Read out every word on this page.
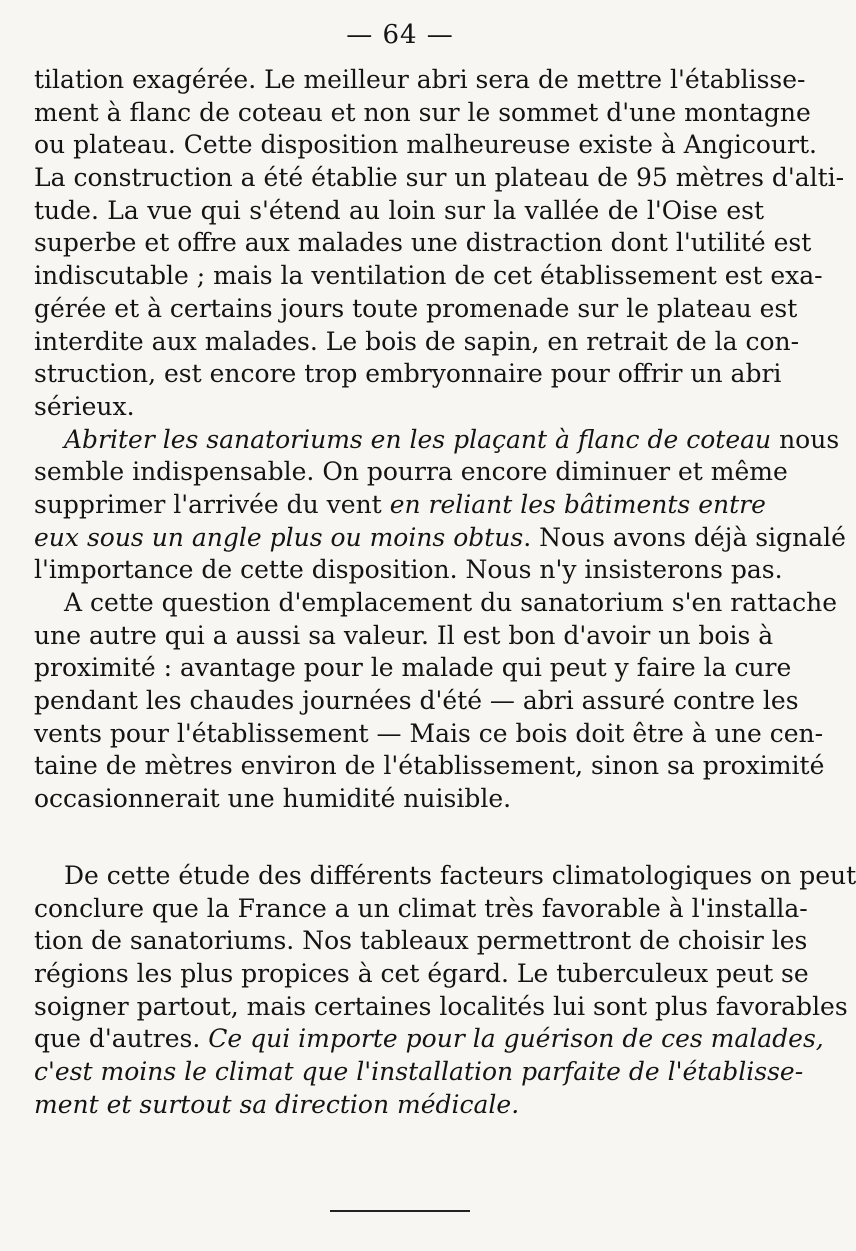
— 64 —
tilation exagérée. Le meilleur abri sera de mettre l'établisse-
ment à flanc de coteau et non sur le sommet d'une montagne
ou plateau. Cette disposition malheureuse existe à Angicourt.
La construction a été établie sur un plateau de 95 mètres d'alti-
tude. La vue qui s'étend au loin sur la vallée de l'Oise est
superbe et offre aux malades une distraction dont l'utilité est
indiscutable ; mais la ventilation de cet établissement est exa-
gérée et à certains jours toute promenade sur le plateau est
interdite aux malades. Le bois de sapin, en retrait de la con-
struction, est encore trop embryonnaire pour offrir un abri
sérieux.
Abriter les sanatoriums en les plaçant à flanc de coteau nous
semble indispensable. On pourra encore diminuer et même
supprimer l'arrivée du vent en reliant les bâtiments entre
eux sous un angle plus ou moins obtus. Nous avons déjà signalé
l'importance de cette disposition. Nous n'y insisterons pas.
A cette question d'emplacement du sanatorium s'en rattache
une autre qui a aussi sa valeur. Il est bon d'avoir un bois à
proximité : avantage pour le malade qui peut y faire la cure
pendant les chaudes journées d'été — abri assuré contre les
vents pour l'établissement — Mais ce bois doit être à une cen-
taine de mètres environ de l'établissement, sinon sa proximité
occasionnerait une humidité nuisible.
De cette étude des différents facteurs climatologiques on peut
conclure que la France a un climat très favorable à l'installa-
tion de sanatoriums. Nos tableaux permettront de choisir les
régions les plus propices à cet égard. Le tuberculeux peut se
soigner partout, mais certaines localités lui sont plus favorables
que d'autres. Ce qui importe pour la guérison de ces malades,
c'est moins le climat que l'installation parfaite de l'établisse-
ment et surtout sa direction médicale.
